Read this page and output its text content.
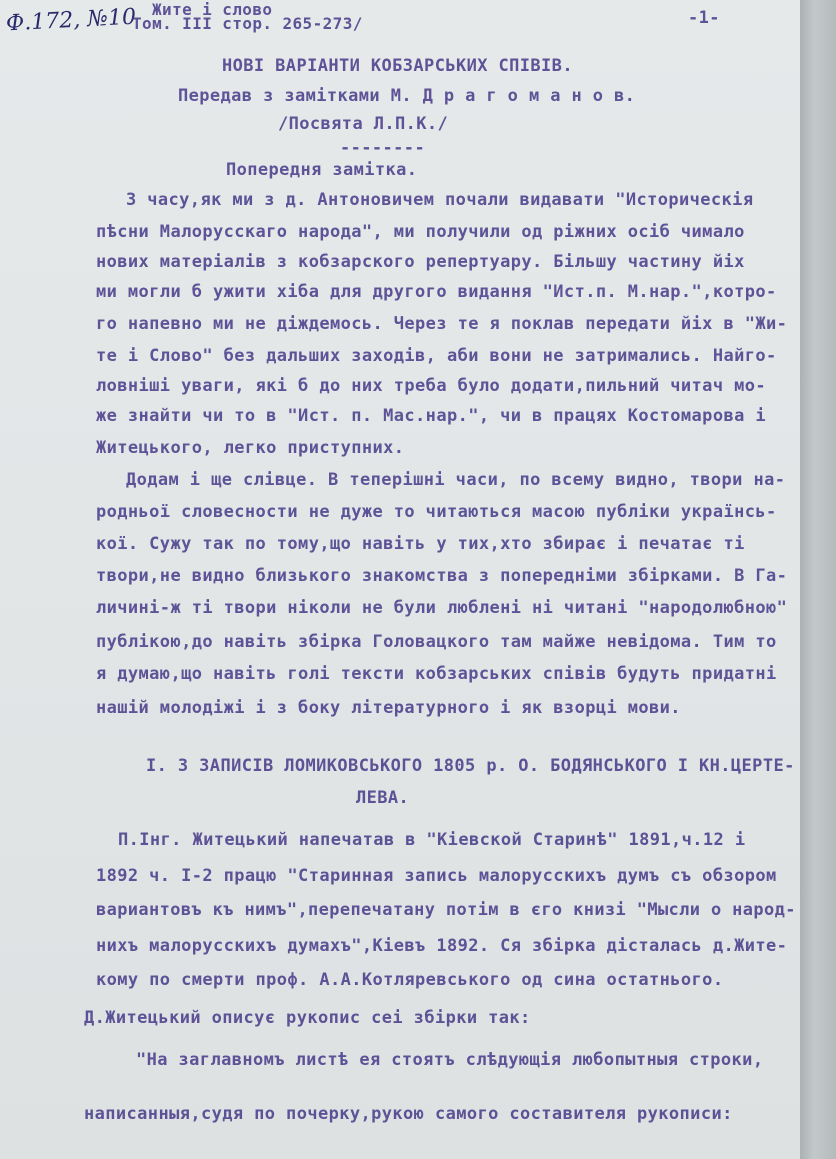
Ф.172, №10 Жите і слово
Том. III стор. 265-273/	-1-
НОВІ ВАРІАНТИ КОБЗАРСЬКИХ СПІВІВ.
Передав з замітками М. Д р а г о м а н о в.
/Посвята Л.П.К./
--------
Попередня замітка.
З часу,як ми з д. Антоновичем почали видавати "Историческія
пѣсни Малорусскаго народа", ми получили од ріжних осіб чимало
нових матеріалів з кобзарского репертуару. Більшу частину йіх
ми могли б ужити хіба для другого видання "Ист.п. М.нар.",котро-
го напевно ми не діждемось. Через те я поклав передати йіх в "Жи-
те і Слово" без дальших заходів, аби вони не затримались. Найго-
ловніші уваги, які б до них треба було додати,пильний читач мо-
же знайти чи то в "Ист. п. Мас.нар.", чи в працях Костомарова і
Житецького, легко приступних.
Додам і ще слівце. В теперішні часи, по всему видно, твори на-
родньої словесности не дуже то читаються масою публіки українсь-
кої. Сужу так по тому,що навіть у тих,хто збирає і печатає ті
твори,не видно близького знакомства з попередніми збірками. В Га-
личині-ж ті твори ніколи не були люблені ні читані "народолюбною"
публікою,до навіть збірка Головацкого там майже невідома. Тим то
я думаю,що навіть голі тексти кобзарських співів будуть придатні
нашій молодіжі і з боку літературного і як взорці мови.
I. З ЗАПИСІВ ЛОМИКОВСЬКОГО 1805 р. О. БОДЯНСЬКОГО І КН.ЦЕРТЕ-
ЛЕВА.
П.Інг. Житецький напечатав в "Кіевской Старинѣ" 1891,ч.12 і
1892 ч. I-2 працю "Старинная запись малорусскихъ думъ съ обзором
вариантовъ къ нимъ",перепечатану потім в єго книзі "Мысли о народ-
нихъ малорусскихъ думахъ",Кіевъ 1892. Ся збірка дісталась д.Жите-
кому по смерти проф. А.А.Котляревського од сина остатнього.
Д.Житецький описує рукопис сеі збірки так:
"На заглавномъ листѣ ея стоятъ слѣдующія любопытныя строки,
написанныя,судя по почерку,рукою самого составителя рукописи:
